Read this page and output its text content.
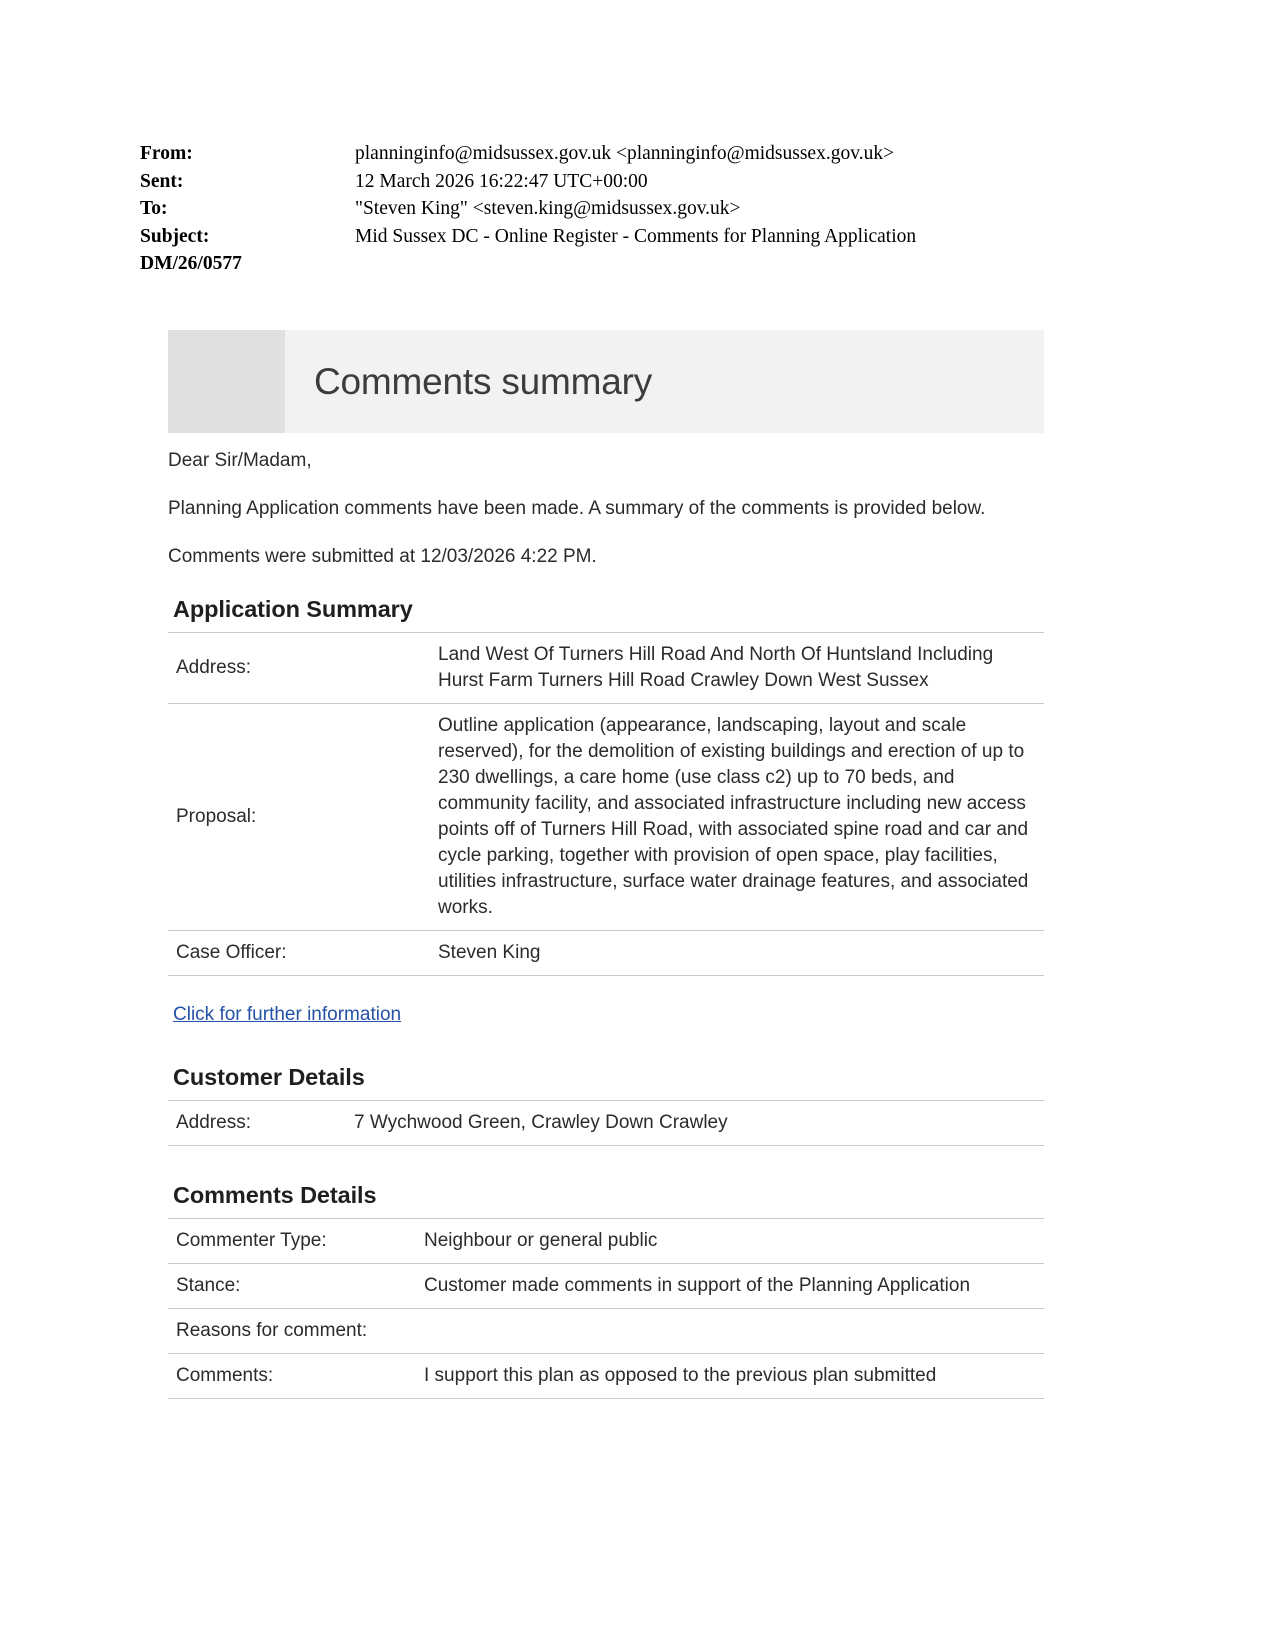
From:	planninginfo@midsussex.gov.uk <planninginfo@midsussex.gov.uk>
Sent:	12 March 2026 16:22:47 UTC+00:00
To:	"Steven King" <steven.king@midsussex.gov.uk>
Subject:	Mid Sussex DC - Online Register - Comments for Planning Application
DM/26/0577
Comments summary

Dear Sir/Madam,

Planning Application comments have been made. A summary of the comments is provided below.

Comments were submitted at 12/03/2026 4:22 PM.

Application Summary
Address:	Land West Of Turners Hill Road And North Of Huntsland Including Hurst Farm Turners Hill Road Crawley Down West Sussex
Proposal:	Outline application (appearance, landscaping, layout and scale reserved), for the demolition of existing buildings and erection of up to 230 dwellings, a care home (use class c2) up to 70 beds, and community facility, and associated infrastructure including new access points off of Turners Hill Road, with associated spine road and car and cycle parking, together with provision of open space, play facilities, utilities infrastructure, surface water drainage features, and associated works.
Case Officer:	Steven King
Click for further information
Customer Details
Address:	7 Wychwood Green, Crawley Down Crawley
Comments Details
Commenter Type:	Neighbour or general public
Stance:	Customer made comments in support of the Planning Application
Reasons for comment:	
Comments:	I support this plan as opposed to the previous plan submitted
